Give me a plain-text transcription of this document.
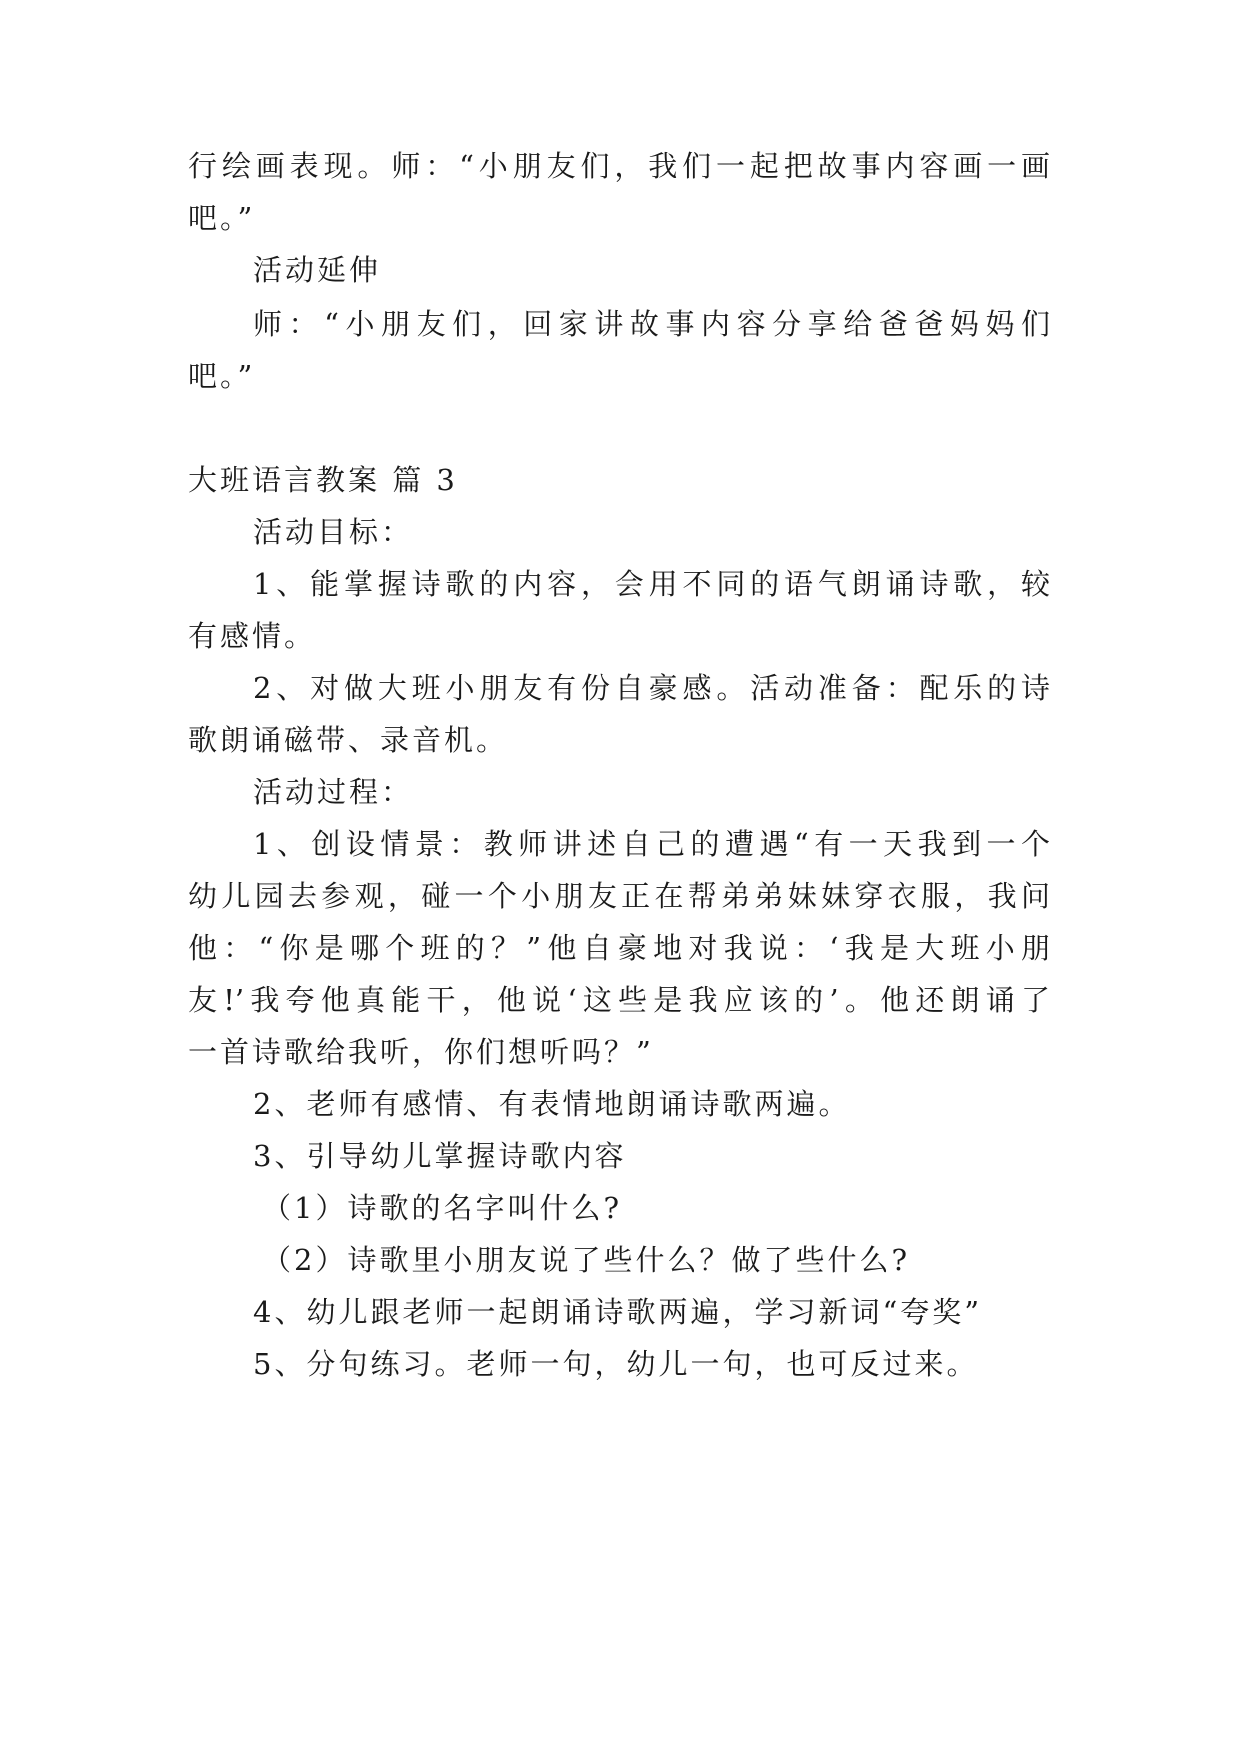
行绘画表现。师：“小朋友们，我们一起把故事内容画一画
吧。”
活动延伸
师：“小朋友们，回家讲故事内容分享给爸爸妈妈们
吧。”
大班语言教案 篇 3
活动目标：
1、能掌握诗歌的内容，会用不同的语气朗诵诗歌，较
有感情。
2、对做大班小朋友有份自豪感。活动准备：配乐的诗
歌朗诵磁带、录音机。
活动过程：
1、创设情景：教师讲述自己的遭遇“有一天我到一个
幼儿园去参观，碰一个小朋友正在帮弟弟妹妹穿衣服，我问
他：“你是哪个班的？”他自豪地对我说：‘我是大班小朋
友!’我夸他真能干，他说‘这些是我应该的’。他还朗诵了
一首诗歌给我听，你们想听吗？”
2、老师有感情、有表情地朗诵诗歌两遍。
3、引导幼儿掌握诗歌内容
（1）诗歌的名字叫什么?
（2）诗歌里小朋友说了些什么？做了些什么?
4、幼儿跟老师一起朗诵诗歌两遍，学习新词“夸奖”
5、分句练习。老师一句，幼儿一句，也可反过来。
